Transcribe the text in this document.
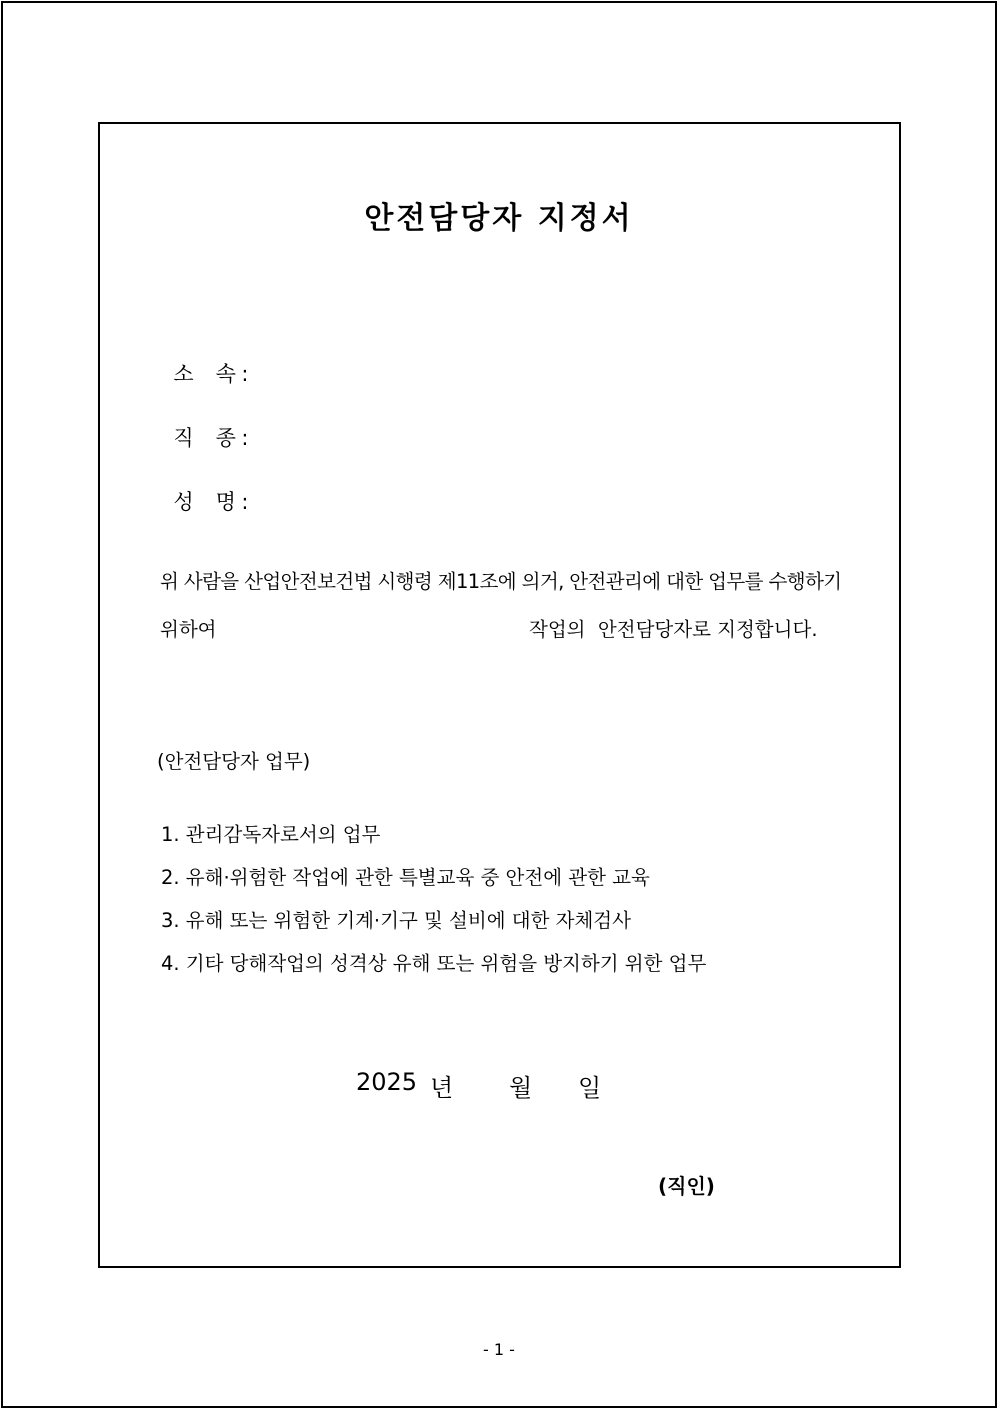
안전담당자 지정서

소 속 :

직 종 :

성 명 :

위 사람을 산업안전보건법 시행령 제11조에 의거, 안전관리에 대한 업무를 수행하기
위하여	작업의  안전담당자로 지정합니다.
(안전담당자 업무)
1. 관리감독자로서의 업무
2. 유해·위험한 작업에 관한 특별교육 중 안전에 관한 교육
3. 유해 또는 위험한 기계·기구 및 설비에 대한 자체검사
4. 기타 당해작업의 성격상 유해 또는 위험을 방지하기 위한 업무

2025

년

월

일

(직인)
- 1 -
